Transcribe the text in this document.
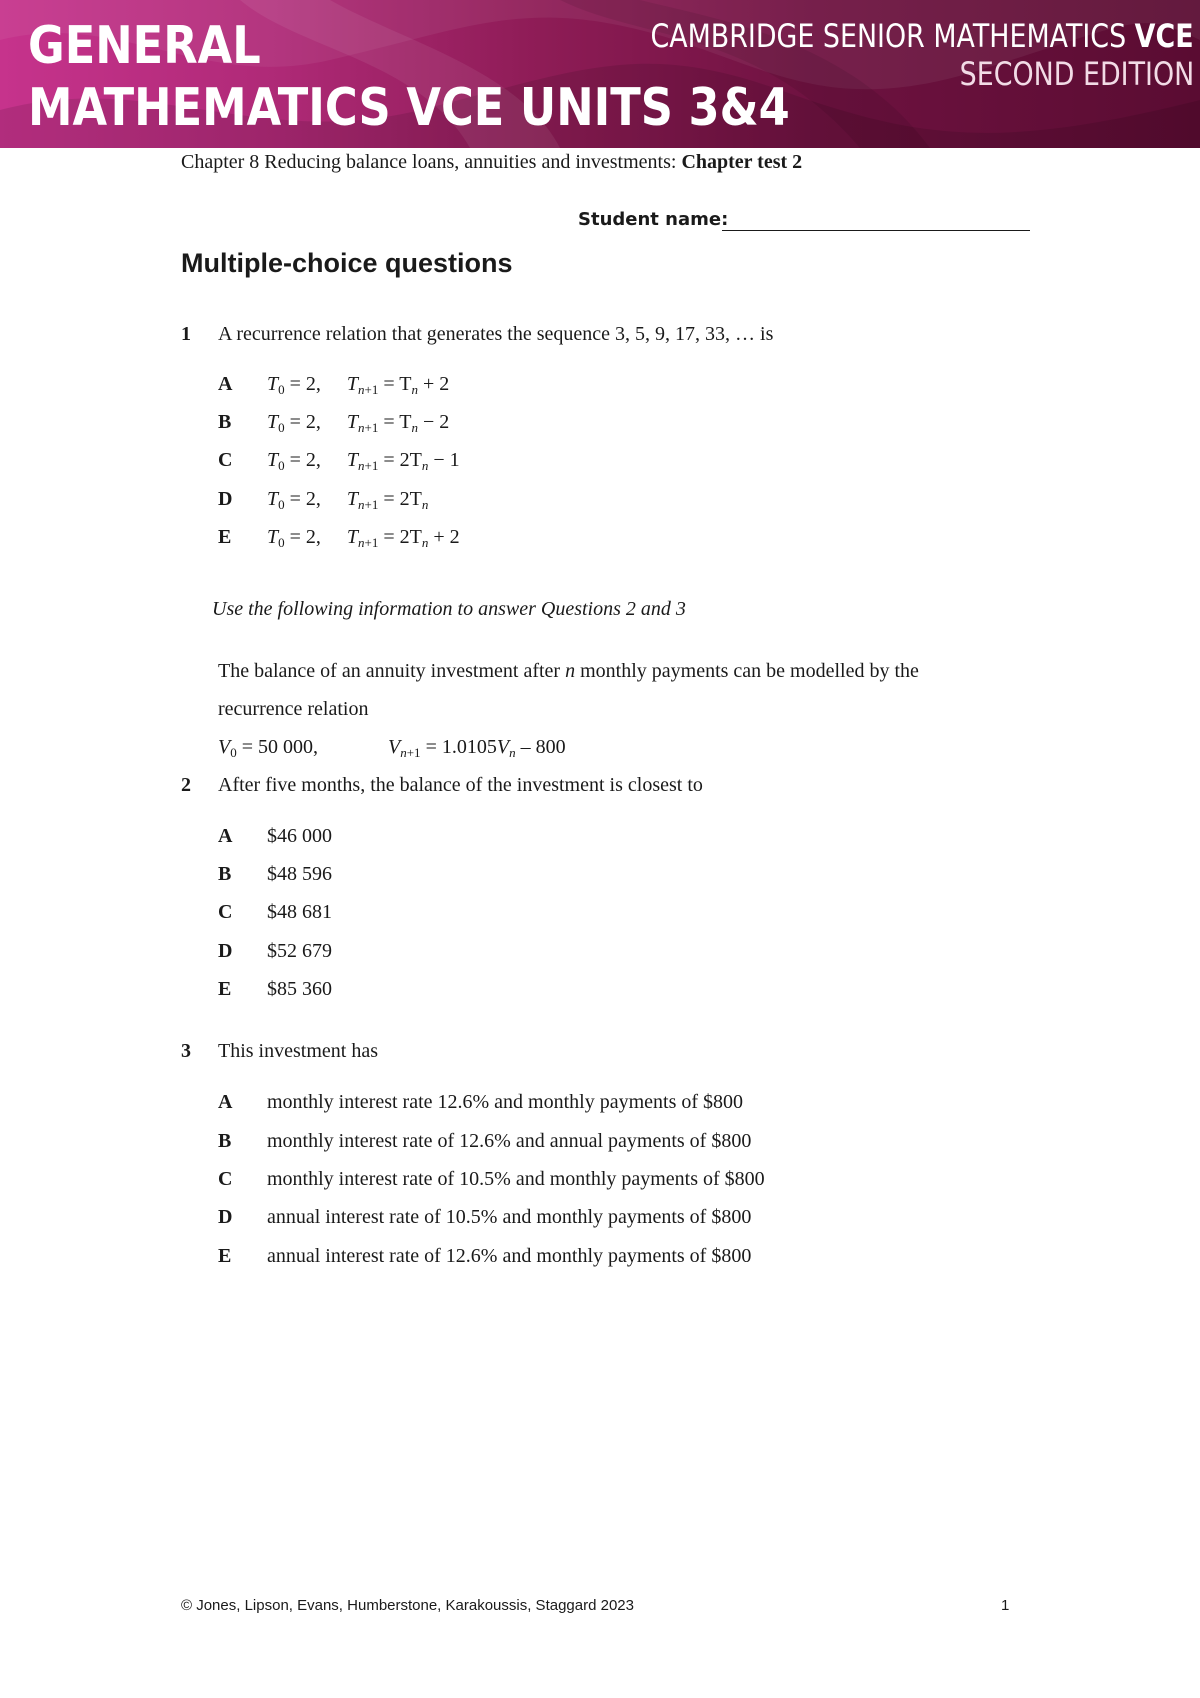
GENERAL
MATHEMATICS VCE UNITS 3&4
CAMBRIDGE SENIOR MATHEMATICS VCE
SECOND EDITION
Chapter 8 Reducing balance loans, annuities and investments: Chapter test 2
Student name:
Multiple-choice questions
1 A recurrence relation that generates the sequence 3, 5, 9, 17, 33, … is
A $T_0 = 2$, $T_{n+1} = T_n + 2$
B $T_0 = 2$, $T_{n+1} = T_n - 2$
C $T_0 = 2$, $T_{n+1} = 2T_n - 1$
D $T_0 = 2$, $T_{n+1} = 2T_n$
E $T_0 = 2$, $T_{n+1} = 2T_n + 2$
Use the following information to answer Questions 2 and 3
The balance of an annuity investment after n monthly payments can be modelled by the
recurrence relation
$V_0 = 50$ 000,	$V_{n+1} = 1.0105V_n - 800$
2 After five months, the balance of the investment is closest to
A $46 000
B $48 596
C $48 681
D $52 679
E $85 360
3 This investment has
A monthly interest rate 12.6% and monthly payments of $800
B monthly interest rate of 12.6% and annual payments of $800
C monthly interest rate of 10.5% and monthly payments of $800
D annual interest rate of 10.5% and monthly payments of $800
E annual interest rate of 12.6% and monthly payments of $800
© Jones, Lipson, Evans, Humberstone, Karakoussis, Staggard 2023	1
